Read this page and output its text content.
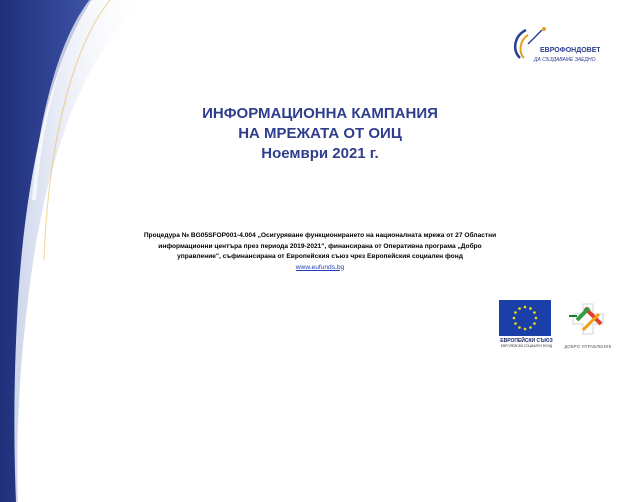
ЕВРОФОНДОВЕТЕ
ДА СЪЗДАВАМЕ ЗАЕДНО
ИНФОРМАЦИОННА КАМПАНИЯ
НА МРЕЖАТА ОТ ОИЦ
Ноември 2021 г.
Процедура № BG05SFOP001-4.004 „Осигуряване функционирането на националната мрежа от 27 Областни
информационни центъра през периода 2019-2021", финансирана от Оперативна програма „Добро
управление", съфинансирана от Европейския съюз чрез Европейския социален фонд
www.eufunds.bg
ЕВРОПЕЙСКИ СЪЮЗ
ЕВРОПЕЙСКИ СОЦИАЛЕН ФОНД	ДОБРО УПРАВЛЕНИЕ
